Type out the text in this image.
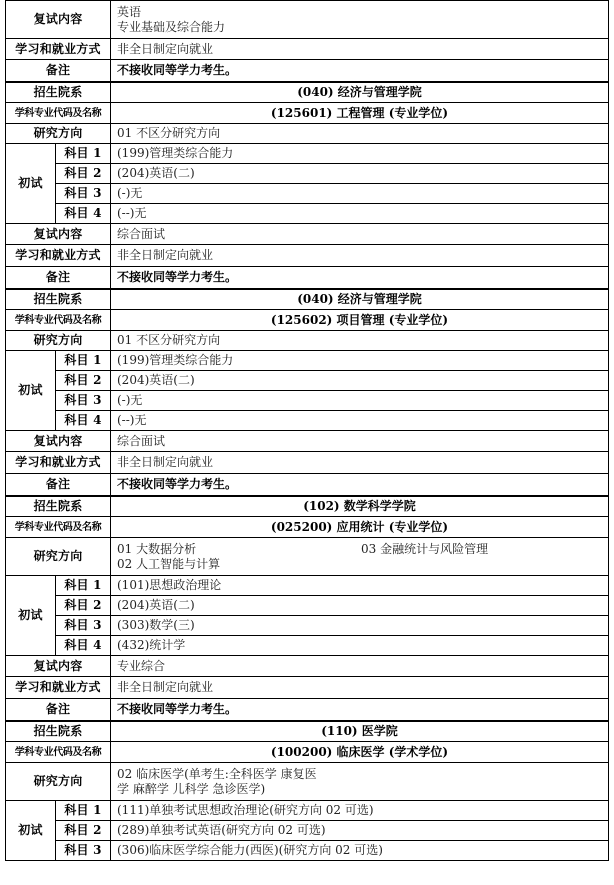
复试内容		英语
专业基础及综合能力

学习和就业方式		非全日制定向就业
备注		不接收同等学力考生。
招生院系		(040) 经济与管理学院
学科专业代码及名称		(125601) 工程管理 (专业学位)
研究方向		01 不区分研究方向
初试	科目 1	(199)管理类综合能力
	科目 2	(204)英语(二)
	科目 3	(-)无
	科目 4	(--)无
复试内容		综合面试
学习和就业方式		非全日制定向就业
备注		不接收同等学力考生。
招生院系		(040) 经济与管理学院
学科专业代码及名称		(125602) 项目管理 (专业学位)
研究方向		01 不区分研究方向
初试	科目 1	(199)管理类综合能力
	科目 2	(204)英语(二)
	科目 3	(-)无
	科目 4	(--)无
复试内容		综合面试
学习和就业方式		非全日制定向就业
备注		不接收同等学力考生。
招生院系		(102) 数学科学学院
学科专业代码及名称		(025200) 应用统计 (专业学位)
研究方向		01 大数据分析 03 金融统计与风险管理
02 人工智能与计算

初试	科目 1	(101)思想政治理论
	科目 2	(204)英语(二)
	科目 3	(303)数学(三)
	科目 4	(432)统计学
复试内容		专业综合
学习和就业方式		非全日制定向就业
备注		不接收同等学力考生。
招生院系		(110) 医学院
学科专业代码及名称		(100200) 临床医学 (学术学位)
研究方向		02 临床医学(单考生:全科医学 康复医
学 麻醉学 儿科学 急诊医学)

初试	科目 1	(111)单独考试思想政治理论(研究方向 02 可选)
	科目 2	(289)单独考试英语(研究方向 02 可选)
	科目 3	(306)临床医学综合能力(西医)(研究方向 02 可选)
